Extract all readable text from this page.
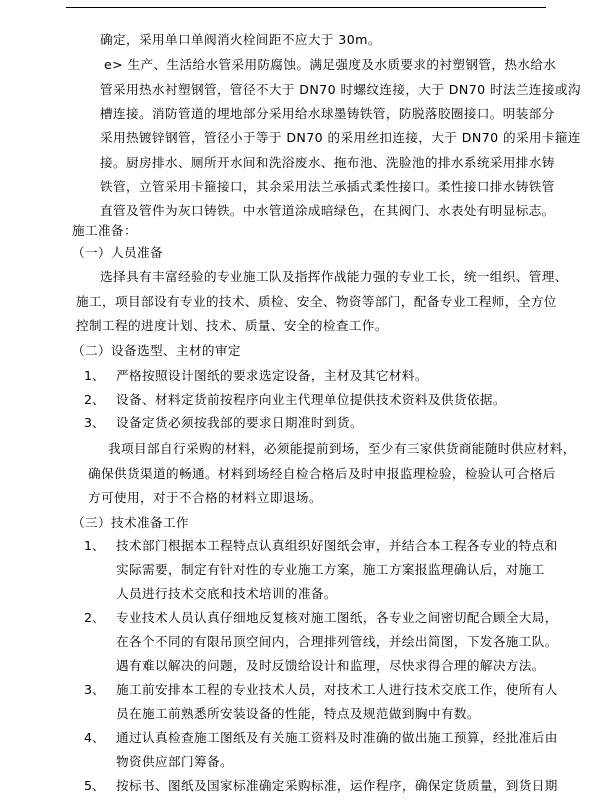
确定，采用单口单阀消火栓间距不应大于 30m。
e> 生产、生活给水管采用防腐蚀。满足强度及水质要求的衬塑钢管，热水给水
管采用热水衬塑钢管，管径不大于 DN70 时螺纹连接，大于 DN70 时法兰连接或沟
槽连接。消防管道的埋地部分采用给水球墨铸铁管，防脱落胶圈接口。明装部分
采用热镀锌钢管，管径小于等于 DN70 的采用丝扣连接，大于 DN70 的采用卡箍连
接。厨房排水、厕所开水间和洗浴废水、拖布池、洗脸池的排水系统采用排水铸
铁管，立管采用卡箍接口，其余采用法兰承插式柔性接口。柔性接口排水铸铁管
直管及管件为灰口铸铁。中水管道涂成暗绿色，在其阀门、水表处有明显标志。
施工准备：
（一）人员准备
选择具有丰富经验的专业施工队及指挥作战能力强的专业工长，统一组织、管理、
施工，项目部设有专业的技术、质检、安全、物资等部门，配备专业工程师，全方位
控制工程的进度计划、技术、质量、安全的检查工作。
（二）设备选型、主材的审定
1、 严格按照设计图纸的要求选定设备，主材及其它材料。
2、 设备、材料定货前按程序向业主代理单位提供技术资料及供货依据。
3、 设备定货必须按我部的要求日期准时到货。
我项目部自行采购的材料，必须能提前到场，至少有三家供货商能随时供应材料，
确保供货渠道的畅通。材料到场经自检合格后及时申报监理检验，检验认可合格后
方可使用，对于不合格的材料立即退场。
（三）技术准备工作
1、 技术部门根据本工程特点认真组织好图纸会审，并结合本工程各专业的特点和
实际需要，制定有针对性的专业施工方案，施工方案报监理确认后，对施工
人员进行技术交底和技术培训的准备。
2、 专业技术人员认真仔细地反复核对施工图纸，各专业之间密切配合顾全大局，
在各个不同的有限吊顶空间内，合理排列管线，并绘出简图，下发各施工队。
遇有难以解决的问题，及时反馈给设计和监理，尽快求得合理的解决方法。
3、 施工前安排本工程的专业技术人员，对技术工人进行技术交底工作，使所有人
员在施工前熟悉所安装设备的性能，特点及规范做到胸中有数。
4、 通过认真检查施工图纸及有关施工资料及时准确的做出施工预算，经批准后由
物资供应部门筹备。
5、 按标书、图纸及国家标准确定采购标准，运作程序，确保定货质量，到货日期
